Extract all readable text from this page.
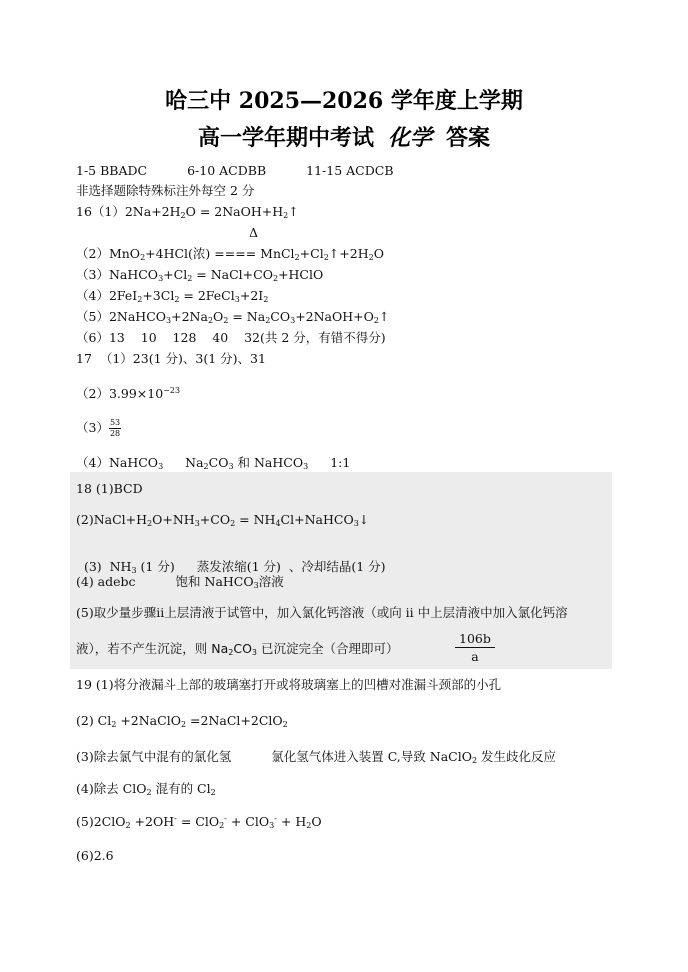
哈三中 2025—2026 学年度上学期
高一学年期中考试 化学 答案
1-5 BBADC	6-10 ACDBB	11-15 ACDCB
非选择题除特殊标注外每空 2 分
$16(1)2Na+2H_2O$ = $2NaOH+H_2↑$
Δ
（2）MnO$_2$+4HCl(浓) ==== $MnCl_2+Cl_2↑+2H_2O$
$(3)NaHCO_3+Cl_2$ = $NaCl+CO_2+HClO$
$(4)2FeI_2+3Cl_2$ = $2FeCl_3+2I_2$
$(5)2NaHCO_3+2Na_2O_2$ = $Na_2CO_3+2NaOH+O_2↑$
（6）13    10    128    40    32(共 2 分，有错不得分)
17  （1）23(1 分)、3(1 分)、31
$(2)3.99\times 10^{-23}$
$(3) \frac{53}{28}$
（4）NaHCO$_3$ $Na_2CO_3$ 和 NaHCO$_3$ 1:1
18 (1)BCD
$(2)NaCl+H_2O+NH_3+CO_2$ = $NH_4Cl+NaHCO_3↓$

(3)  $NH_3$ (1 分) 蒸发浓缩(1 分)  、冷却结晶(1 分)

(4) adebc	饱和 NaHCO$_3$溶液
(5)取少量步骤ii上层清液于试管中，加入氯化钙溶液（或向 ii 中上层清液中加入氯化钙溶
液），若不产生沉淀，则 $Na_2CO_3$ 已沉淀完全（合理即可）	$\frac{106b}{a}$
19 (1)将分液漏斗上部的玻璃塞打开或将玻璃塞上的凹槽对准漏斗颈部的小孔
(2) $Cl_2$ +2NaClO$_2$ =2NaCl+2ClO$_2$
(3)除去氯气中混有的氯化氢	氯化氢气体进入装置 C,导致 NaClO$_2$ 发生歧化反应
(4)除去 ClO$_2$ 混有的 $Cl_2$
$(5)2ClO_2 +2OH^- = ClO_2^- + ClO_3^- + H_2O$
(6)2.6
